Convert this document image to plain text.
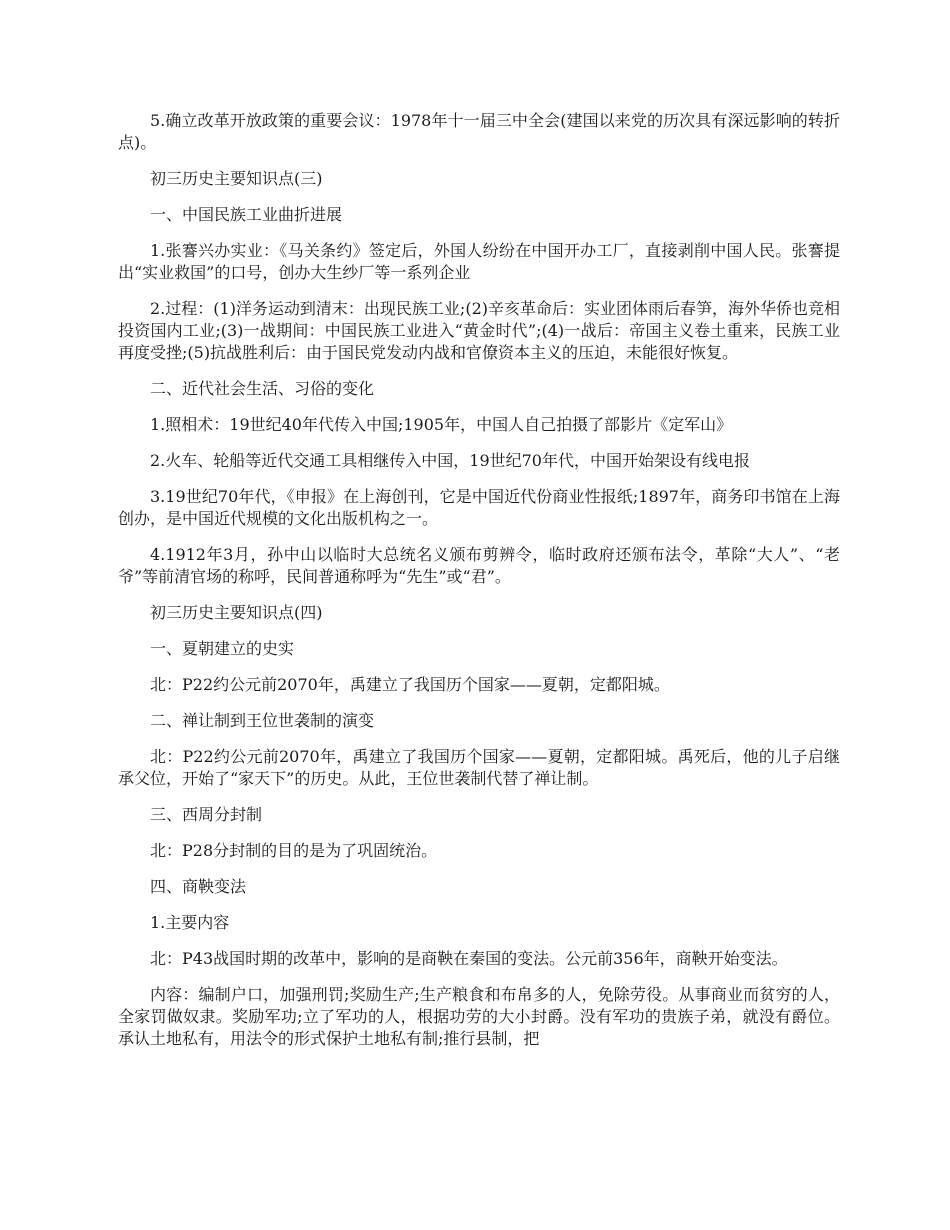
5.确立改革开放政策的重要会议：1978年十一届三中全会(建国以来党的历次具有深远影响的转折点)。

初三历史主要知识点(三)

一、中国民族工业曲折进展

1.张謇兴办实业：《马关条约》签定后，外国人纷纷在中国开办工厂，直接剥削中国人民。张謇提出“实业救国”的口号，创办大生纱厂等一系列企业

2.过程：(1)洋务运动到清末：出现民族工业;(2)辛亥革命后：实业团体雨后春笋，海外华侨也竞相投资国内工业;(3)一战期间：中国民族工业进入“黄金时代”;(4)一战后：帝国主义卷土重来，民族工业再度受挫;(5)抗战胜利后：由于国民党发动内战和官僚资本主义的压迫，未能很好恢复。

二、近代社会生活、习俗的变化

1.照相术：19世纪40年代传入中国;1905年，中国人自己拍摄了部影片《定军山》

2.火车、轮船等近代交通工具相继传入中国，19世纪70年代，中国开始架设有线电报

3.19世纪70年代，《申报》在上海创刊，它是中国近代份商业性报纸;1897年，商务印书馆在上海创办，是中国近代规模的文化出版机构之一。

4.1912年3月，孙中山以临时大总统名义颁布剪辨令，临时政府还颁布法令，革除“大人”、“老爷”等前清官场的称呼，民间普通称呼为“先生”或“君”。

初三历史主要知识点(四)

一、夏朝建立的史实

北：P22约公元前2070年，禹建立了我国历个国家——夏朝，定都阳城。

二、禅让制到王位世袭制的演变

北：P22约公元前2070年，禹建立了我国历个国家——夏朝，定都阳城。禹死后，他的儿子启继承父位，开始了“家天下”的历史。从此，王位世袭制代替了禅让制。

三、西周分封制

北：P28分封制的目的是为了巩固统治。

四、商鞅变法

1.主要内容

北：P43战国时期的改革中，影响的是商鞅在秦国的变法。公元前356年，商鞅开始变法。

内容：编制户口，加强刑罚;奖励生产;生产粮食和布帛多的人，免除劳役。从事商业而贫穷的人，全家罚做奴隶。奖励军功;立了军功的人，根据功劳的大小封爵。没有军功的贵族子弟，就没有爵位。承认土地私有，用法令的形式保护土地私有制;推行县制，把
